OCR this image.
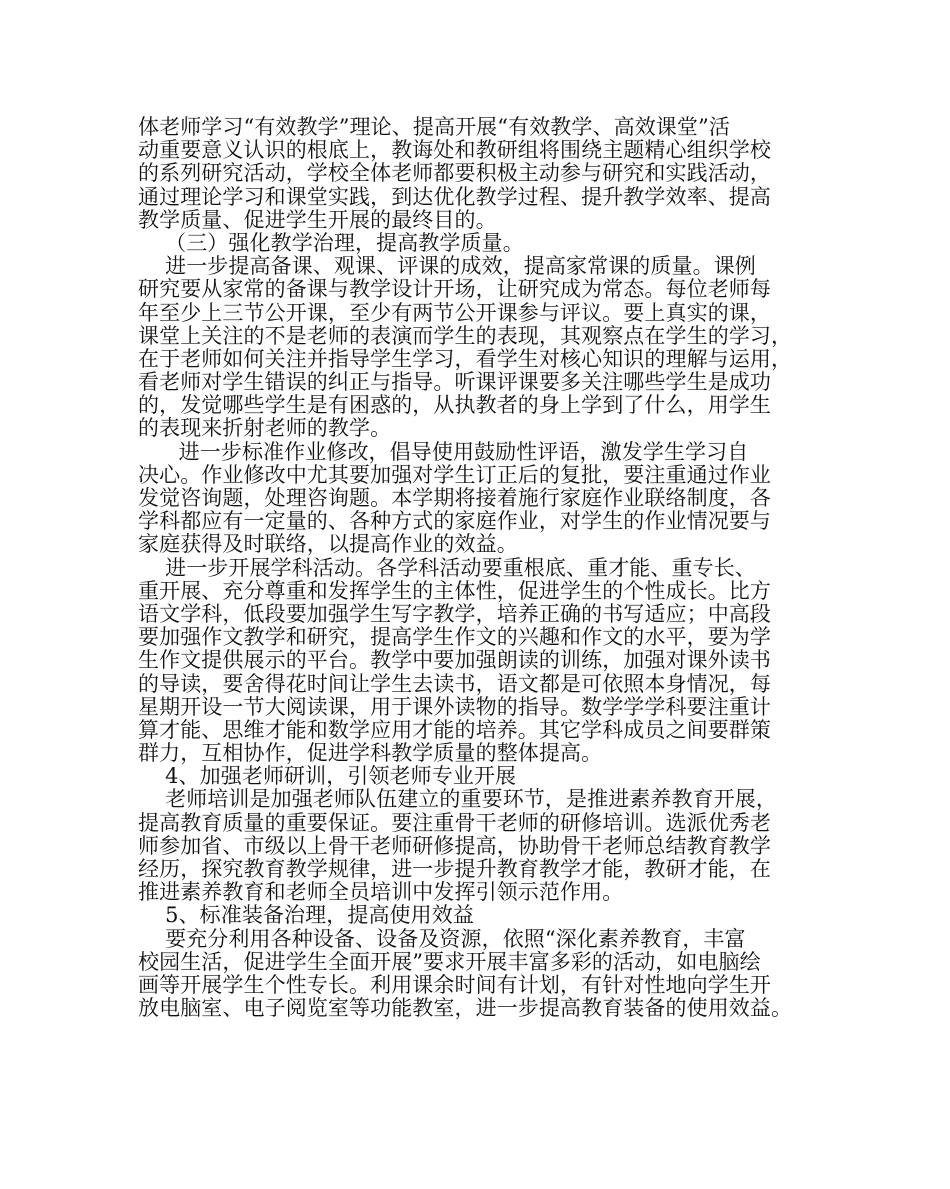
体老师学习“有效教学”理论、提高开展“有效教学、高效课堂”活
动重要意义认识的根底上，教诲处和教研组将围绕主题精心组织学校
的系列研究活动，学校全体老师都要积极主动参与研究和实践活动，
通过理论学习和课堂实践，到达优化教学过程、提升教学效率、提高
教学质量、促进学生开展的最终目的。
（三）强化教学治理，提高教学质量。
进一步提高备课、观课、评课的成效，提高家常课的质量。课例
研究要从家常的备课与教学设计开场，让研究成为常态。每位老师每
年至少上三节公开课，至少有两节公开课参与评议。要上真实的课，
课堂上关注的不是老师的表演而学生的表现，其观察点在学生的学习，
在于老师如何关注并指导学生学习，看学生对核心知识的理解与运用，
看老师对学生错误的纠正与指导。听课评课要多关注哪些学生是成功
的，发觉哪些学生是有困惑的，从执教者的身上学到了什么，用学生
的表现来折射老师的教学。
进一步标准作业修改，倡导使用鼓励性评语，激发学生学习自
决心。作业修改中尤其要加强对学生订正后的复批，要注重通过作业
发觉咨询题，处理咨询题。本学期将接着施行家庭作业联络制度，各
学科都应有一定量的、各种方式的家庭作业，对学生的作业情况要与
家庭获得及时联络，以提高作业的效益。
进一步开展学科活动。各学科活动要重根底、重才能、重专长、
重开展、充分尊重和发挥学生的主体性，促进学生的个性成长。比方
语文学科，低段要加强学生写字教学，培养正确的书写适应；中高段
要加强作文教学和研究，提高学生作文的兴趣和作文的水平，要为学
生作文提供展示的平台。教学中要加强朗读的训练，加强对课外读书
的导读，要舍得花时间让学生去读书，语文都是可依照本身情况，每
星期开设一节大阅读课，用于课外读物的指导。数学学学科要注重计
算才能、思维才能和数学应用才能的培养。其它学科成员之间要群策
群力，互相协作，促进学科教学质量的整体提高。
4、加强老师研训，引领老师专业开展
老师培训是加强老师队伍建立的重要环节，是推进素养教育开展，
提高教育质量的重要保证。要注重骨干老师的研修培训。选派优秀老
师参加省、市级以上骨干老师研修提高，协助骨干老师总结教育教学
经历，探究教育教学规律，进一步提升教育教学才能，教研才能，在
推进素养教育和老师全员培训中发挥引领示范作用。
5、标准装备治理，提高使用效益
要充分利用各种设备、设备及资源，依照“深化素养教育，丰富
校园生活，促进学生全面开展”要求开展丰富多彩的活动，如电脑绘
画等开展学生个性专长。利用课余时间有计划，有针对性地向学生开
放电脑室、电子阅览室等功能教室，进一步提高教育装备的使用效益。
